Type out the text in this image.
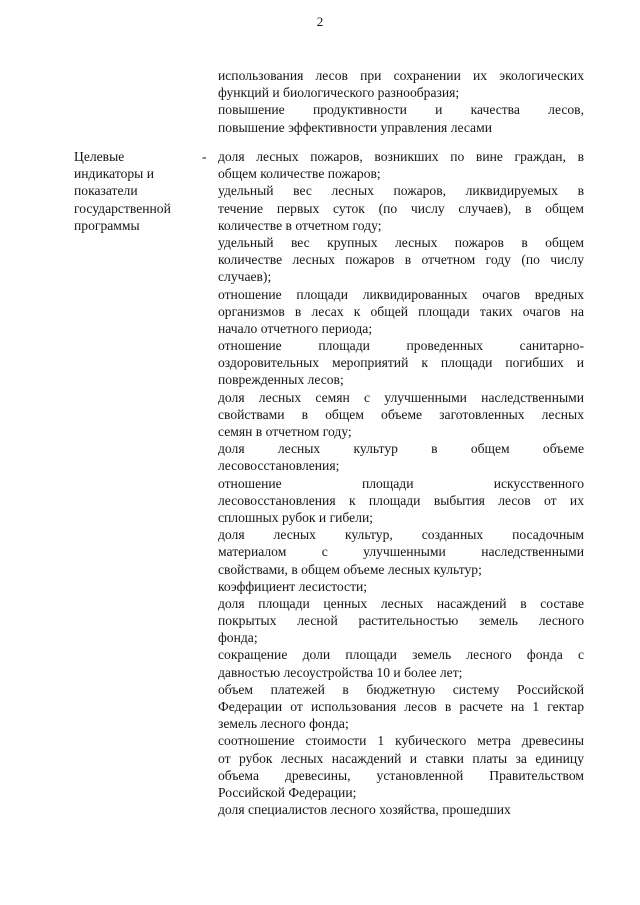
2
использования лесов при сохранении их экологических
функций и биологического разнообразия;
повышение продуктивности и качества лесов,
повышение эффективности управления лесами
Целевые
индикаторы и
показатели
государственной
программы
- доля лесных пожаров, возникших по вине граждан, в
общем количестве пожаров;
удельный вес лесных пожаров, ликвидируемых в
течение первых суток (по числу случаев), в общем
количестве в отчетном году;
удельный вес крупных лесных пожаров в общем
количестве лесных пожаров в отчетном году (по числу
случаев);
отношение площади ликвидированных очагов вредных
организмов в лесах к общей площади таких очагов на
начало отчетного периода;
отношение площади проведенных санитарно-
оздоровительных мероприятий к площади погибших и
поврежденных лесов;
доля лесных семян с улучшенными наследственными
свойствами в общем объеме заготовленных лесных
семян в отчетном году;
доля лесных культур в общем объеме
лесовосстановления;
отношение площади искусственного
лесовосстановления к площади выбытия лесов от их
сплошных рубок и гибели;
доля лесных культур, созданных посадочным
материалом с улучшенными наследственными
свойствами, в общем объеме лесных культур;
коэффициент лесистости;
доля площади ценных лесных насаждений в составе
покрытых лесной растительностью земель лесного
фонда;
сокращение доли площади земель лесного фонда с
давностью лесоустройства 10 и более лет;
объем платежей в бюджетную систему Российской
Федерации от использования лесов в расчете на 1 гектар
земель лесного фонда;
соотношение стоимости 1 кубического метра древесины
от рубок лесных насаждений и ставки платы за единицу
объема древесины, установленной Правительством
Российской Федерации;
доля специалистов лесного хозяйства, прошедших
